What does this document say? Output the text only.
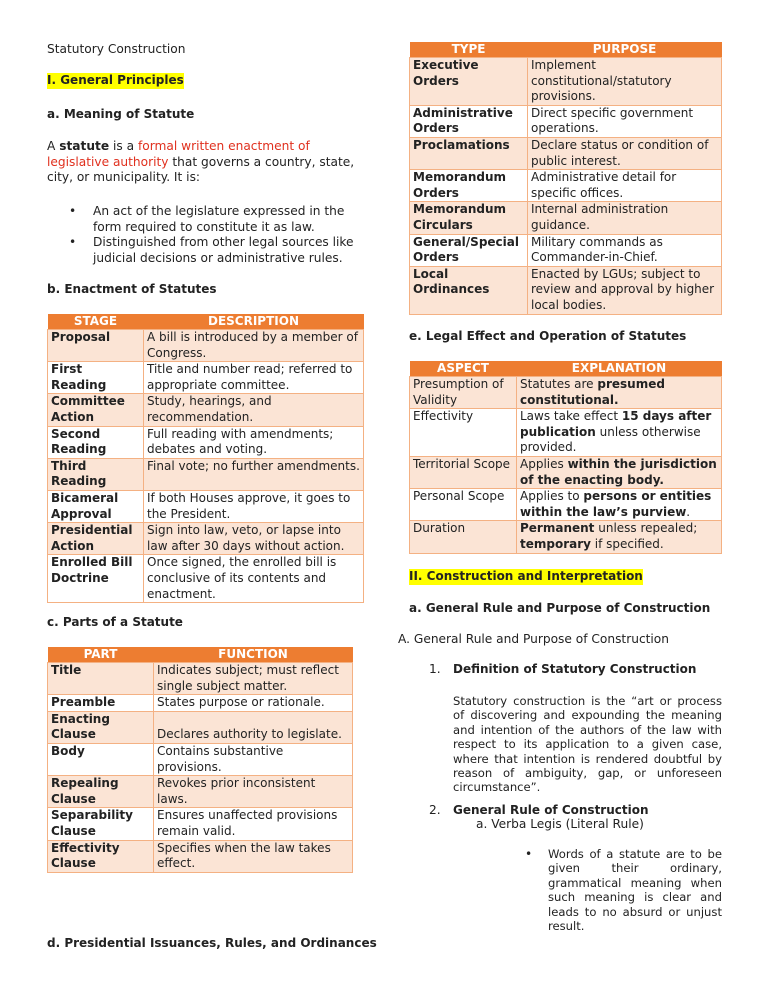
Statutory Construction
I. General Principles
a. Meaning of Statute
A statute is a formal written enactment of legislative authority that governs a country, state, city, or municipality. It is:
• An act of the legislature expressed in the form required to constitute it as law.
• Distinguished from other legal sources like judicial decisions or administrative rules.
b. Enactment of Statutes
STAGE	DESCRIPTION
Proposal	A bill is introduced by a member of Congress.
First Reading	Title and number read; referred to appropriate committee.
Committee Action	Study, hearings, and recommendation.
Second Reading	Full reading with amendments; debates and voting.
Third Reading	Final vote; no further amendments.
Bicameral Approval	If both Houses approve, it goes to the President.
Presidential Action	Sign into law, veto, or lapse into law after 30 days without action.
Enrolled Bill Doctrine	Once signed, the enrolled bill is conclusive of its contents and enactment.
c. Parts of a Statute
PART	FUNCTION
Title	Indicates subject; must reflect single subject matter.
Preamble	States purpose or rationale.
Enacting Clause	Declares authority to legislate.
Body	Contains substantive provisions.
Repealing Clause	Revokes prior inconsistent laws.
Separability Clause	Ensures unaffected provisions remain valid.
Effectivity Clause	Specifies when the law takes effect.
d. Presidential Issuances, Rules, and Ordinances
TYPE	PURPOSE
Executive Orders	Implement constitutional/statutory provisions.
Administrative Orders	Direct specific government operations.
Proclamations	Declare status or condition of public interest.
Memorandum Orders	Administrative detail for specific offices.
Memorandum Circulars	Internal administration guidance.
General/Special Orders	Military commands as Commander-in-Chief.
Local Ordinances	Enacted by LGUs; subject to review and approval by higher local bodies.
e. Legal Effect and Operation of Statutes
ASPECT	EXPLANATION
Presumption of Validity	Statutes are presumed constitutional.
Effectivity	Laws take effect 15 days after publication unless otherwise provided.
Territorial Scope	Applies within the jurisdiction of the enacting body.
Personal Scope	Applies to persons or entities within the law’s purview.
Duration	Permanent unless repealed; temporary if specified.
II. Construction and Interpretation
a. General Rule and Purpose of Construction
A. General Rule and Purpose of Construction
1. Definition of Statutory Construction
Statutory construction is the “art or process of discovering and expounding the meaning and intention of the authors of the law with respect to its application to a given case, where that intention is rendered doubtful by reason of ambiguity, gap, or unforeseen circumstance”.
2. General Rule of Construction
a. Verba Legis (Literal Rule)
• Words of a statute are to be given their ordinary, grammatical meaning when such meaning is clear and leads to no absurd or unjust result.
